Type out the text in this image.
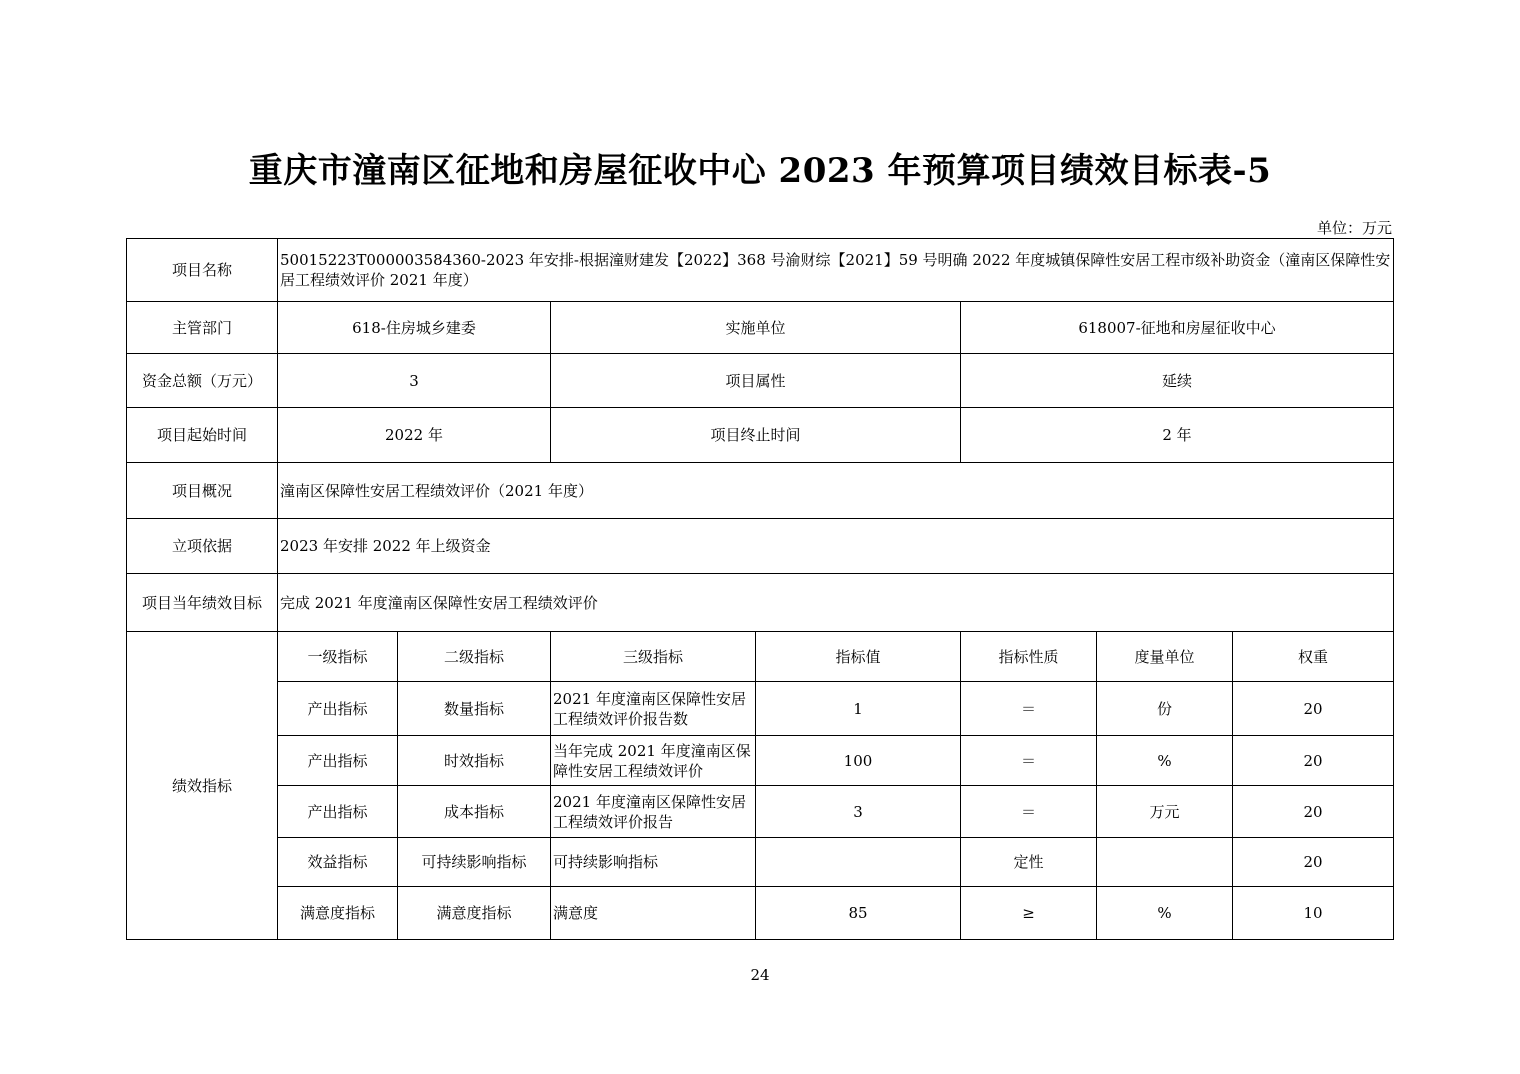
重庆市潼南区征地和房屋征收中心 2023 年预算项目绩效目标表-5
单位：万元
项目名称	50015223T000003584360-2023 年安排-根据潼财建发【2022】368 号渝财综【2021】59 号明确 2022 年度城镇保障性安居工程市级补助资金（潼南区保障性安居工程绩效评价 2021 年度）						
主管部门	618-住房城乡建委		实施单位		618007-征地和房屋征收中心		
资金总额（万元）	3		项目属性		延续		
项目起始时间	2022 年		项目终止时间		2 年		
项目概况	潼南区保障性安居工程绩效评价（2021 年度）						
立项依据	2023 年安排 2022 年上级资金						
项目当年绩效目标	完成 2021 年度潼南区保障性安居工程绩效评价						
绩效指标	一级指标	二级指标	三级指标	指标值	指标性质	度量单位	权重
	产出指标	数量指标	2021 年度潼南区保障性安居工程绩效评价报告数	1	＝	份	20
	产出指标	时效指标	当年完成 2021 年度潼南区保障性安居工程绩效评价	100	＝	%	20
	产出指标	成本指标	2021 年度潼南区保障性安居工程绩效评价报告	3	＝	万元	20
	效益指标	可持续影响指标	可持续影响指标		定性		20
	满意度指标	满意度指标	满意度	85	≥	%	10
24
